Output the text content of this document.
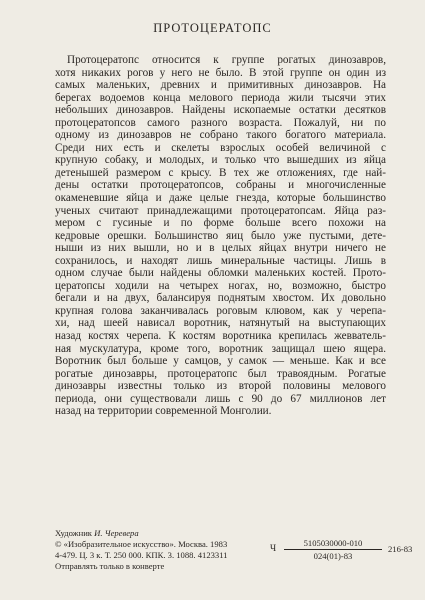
ПРОТОЦЕРАТОПС
Протоцератопс относится к группе рогатых динозавров,
хотя никаких рогов у него не было. В этой группе он один из
самых маленьких, древних и примитивных динозавров. На
берегах водоемов конца мелового периода жили тысячи этих
небольших динозавров. Найдены ископаемые остатки десятков
протоцератопсов самого разного возраста. Пожалуй, ни по
одному из динозавров не собрано такого богатого материала.
Среди них есть и скелеты взрослых особей величиной с
крупную собаку, и молодых, и только что вышедших из яйца
детенышей размером с крысу. В тех же отложениях, где най-
дены остатки протоцератопсов, собраны и многочисленные
окаменевшие яйца и даже целые гнезда, которые большинство
ученых считают принадлежащими протоцератопсам. Яйца раз-
мером с гусиные и по форме больше всего похожи на
кедровые орешки. Большинство яиц было уже пустыми, детe-
ныши из них вышли, но и в целых яйцах внутри ничего не
сохранилось, и находят лишь минеральные частицы. Лишь в
одном случае были найдены обломки маленьких костей. Прото-
цератопсы ходили на четырех ногах, но, возможно, быстро
бегали и на двух, балансируя поднятым хвостом. Их довольно
крупная голова заканчивалась роговым клювом, как у черепа-
хи, над шеей нависал воротник, натянутый на выступающих
назад костях черепа. К костям воротника крепилась жевватель-
ная мускулатура, кроме того, воротник защищал шею ящера.
Воротник был больше у самцов, у самок — меньше. Как и все
рогатые динозавры, протоцератопс был травоядным. Рогатые
динозавры известны только из второй половины мелового
периода, они существовали лишь с 90 до 67 миллионов лет
назад на территории современной Монголии.
Художник И. Черевера
© «Изобразительное искусство». Москва. 1983
4-479. Ц. 3 к. Т. 250 000. КПК. 3. 1088. 4123311
Отправлять только в конверте
Ч $\frac{5105030000-010}{024(01)-83} 216-83$
